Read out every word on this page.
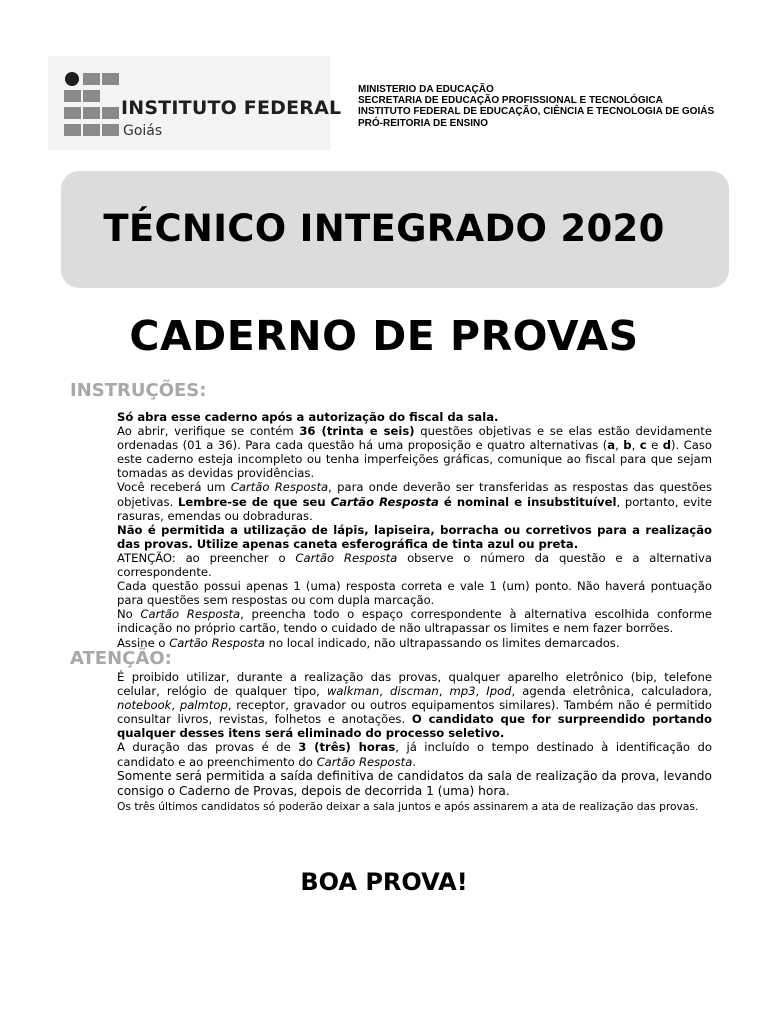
INSTITUTO FEDERAL
Goiás
MINISTERIO DA EDUCAÇÃO
SECRETARIA DE EDUCAÇÃO PROFISSIONAL E TECNOLÓGICA
INSTITUTO FEDERAL DE EDUCAÇÃO, CIÊNCIA E TECNOLOGIA DE GOIÁS
PRÓ-REITORIA DE ENSINO
TÉCNICO INTEGRADO 2020
CADERNO DE PROVAS
INSTRUÇÕES:

Só abra esse caderno após a autorização do fiscal da sala.

Ao abrir, verifique se contém 36 (trinta e seis) questões objetivas e se elas estão devidamente ordenadas (01 a 36). Para cada questão há uma proposição e quatro alternativas (a, b, c e d). Caso este caderno esteja incompleto ou tenha imperfeições gráficas, comunique ao fiscal para que sejam tomadas as devidas providências.

Você receberá um Cartão Resposta, para onde deverão ser transferidas as respostas das questões objetivas. Lembre-se de que seu Cartão Resposta é nominal e insubstituível, portanto, evite rasuras, emendas ou dobraduras.

Não é permitida a utilização de lápis, lapiseira, borracha ou corretivos para a realização das provas. Utilize apenas caneta esferográfica de tinta azul ou preta.

ATENÇÃO: ao preencher o Cartão Resposta observe o número da questão e a alternativa correspondente.

Cada questão possui apenas 1 (uma) resposta correta e vale 1 (um) ponto. Não haverá pontuação para questões sem respostas ou com dupla marcação.

No Cartão Resposta, preencha todo o espaço correspondente à alternativa escolhida conforme indicação no próprio cartão, tendo o cuidado de não ultrapassar os limites e nem fazer borrões.

Assine o Cartão Resposta no local indicado, não ultrapassando os limites demarcados.

ATENÇÃO:

É proibido utilizar, durante a realização das provas, qualquer aparelho eletrônico (bip, telefone celular, relógio de qualquer tipo, walkman, discman, mp3, Ipod, agenda eletrônica, calculadora, notebook, palmtop, receptor, gravador ou outros equipamentos similares). Também não é permitido consultar livros, revistas, folhetos e anotações. O candidato que for surpreendido portando qualquer desses itens será eliminado do processo seletivo.

A duração das provas é de 3 (três) horas, já incluído o tempo destinado à identificação do candidato e ao preenchimento do Cartão Resposta.

Somente será permitida a saída definitiva de candidatos da sala de realização da prova, levando consigo o Caderno de Provas, depois de decorrida 1 (uma) hora.

Os três últimos candidatos só poderão deixar a sala juntos e após assinarem a ata de realização das provas.

BOA PROVA!
